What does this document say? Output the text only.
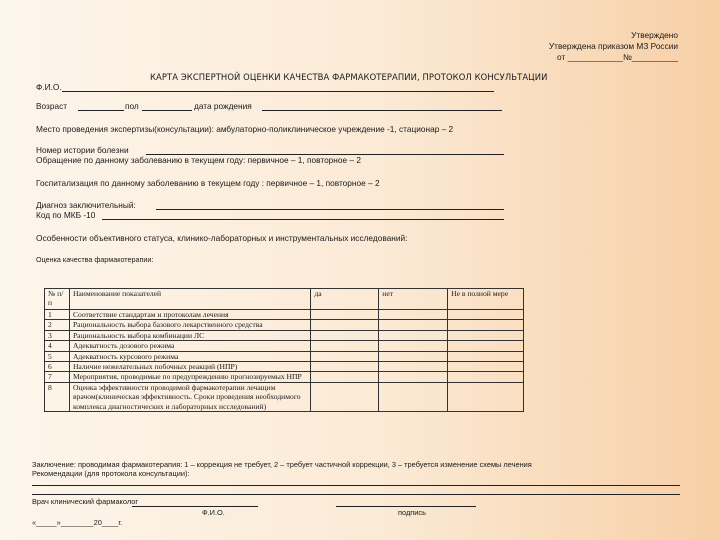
Утверждено
Утверждена приказом МЗ России
от ____________№__________
КАРТА ЭКСПЕРТНОЙ ОЦЕНКИ КАЧЕСТВА ФАРМАКОТЕРАПИИ, ПРОТОКОЛ КОНСУЛЬТАЦИИ
Ф.И.О.
Возраст	пол	дата рождения
Место проведения экспертизы(консультации): амбулаторно-поликлиническое учреждение -1, стационар – 2
Номер истории болезни
Обращение по данному заболеванию в текущем году: первичное – 1, повторное – 2
Госпитализация по данному заболеванию в текущем году : первичное – 1, повторное – 2
Диагноз заключительный:
Код по МКБ -10
Особенности объективного статуса, клинико-лабораторных и инструментальных исследований:
Оценка качества фармакотерапии:
№ п/п	Наименование показателей	да	нет	Не в полной мере
1	Соответствие стандартам и протоколам лечения			
2	Рациональность выбора базового лекарственного средства			
3	Рациональность выбора комбинации ЛС			
4	Адекватность дозового режима			
5	Адекватность курсового режима			
6	Наличие нежелательных побочных реакций (НПР)			
7	Мероприятия, проводимые по предупреждению прогнозируемых НПР			
8	Оценка эффективности проводимой фармакотерапии лечащим врачом(клиническая эффективность. Сроки проведения необходимого комплекса диагностических и лабораторных исследований)			
Заключение: проводимая фармакотерапия: 1 – коррекция не требует, 2 – требует частичной коррекции, 3 – требуется изменение схемы лечения
Рекомендации (для протокола консультации):
Врач клинический фармаколог
Ф.И.О.	подпись
«_____»________20____г.
